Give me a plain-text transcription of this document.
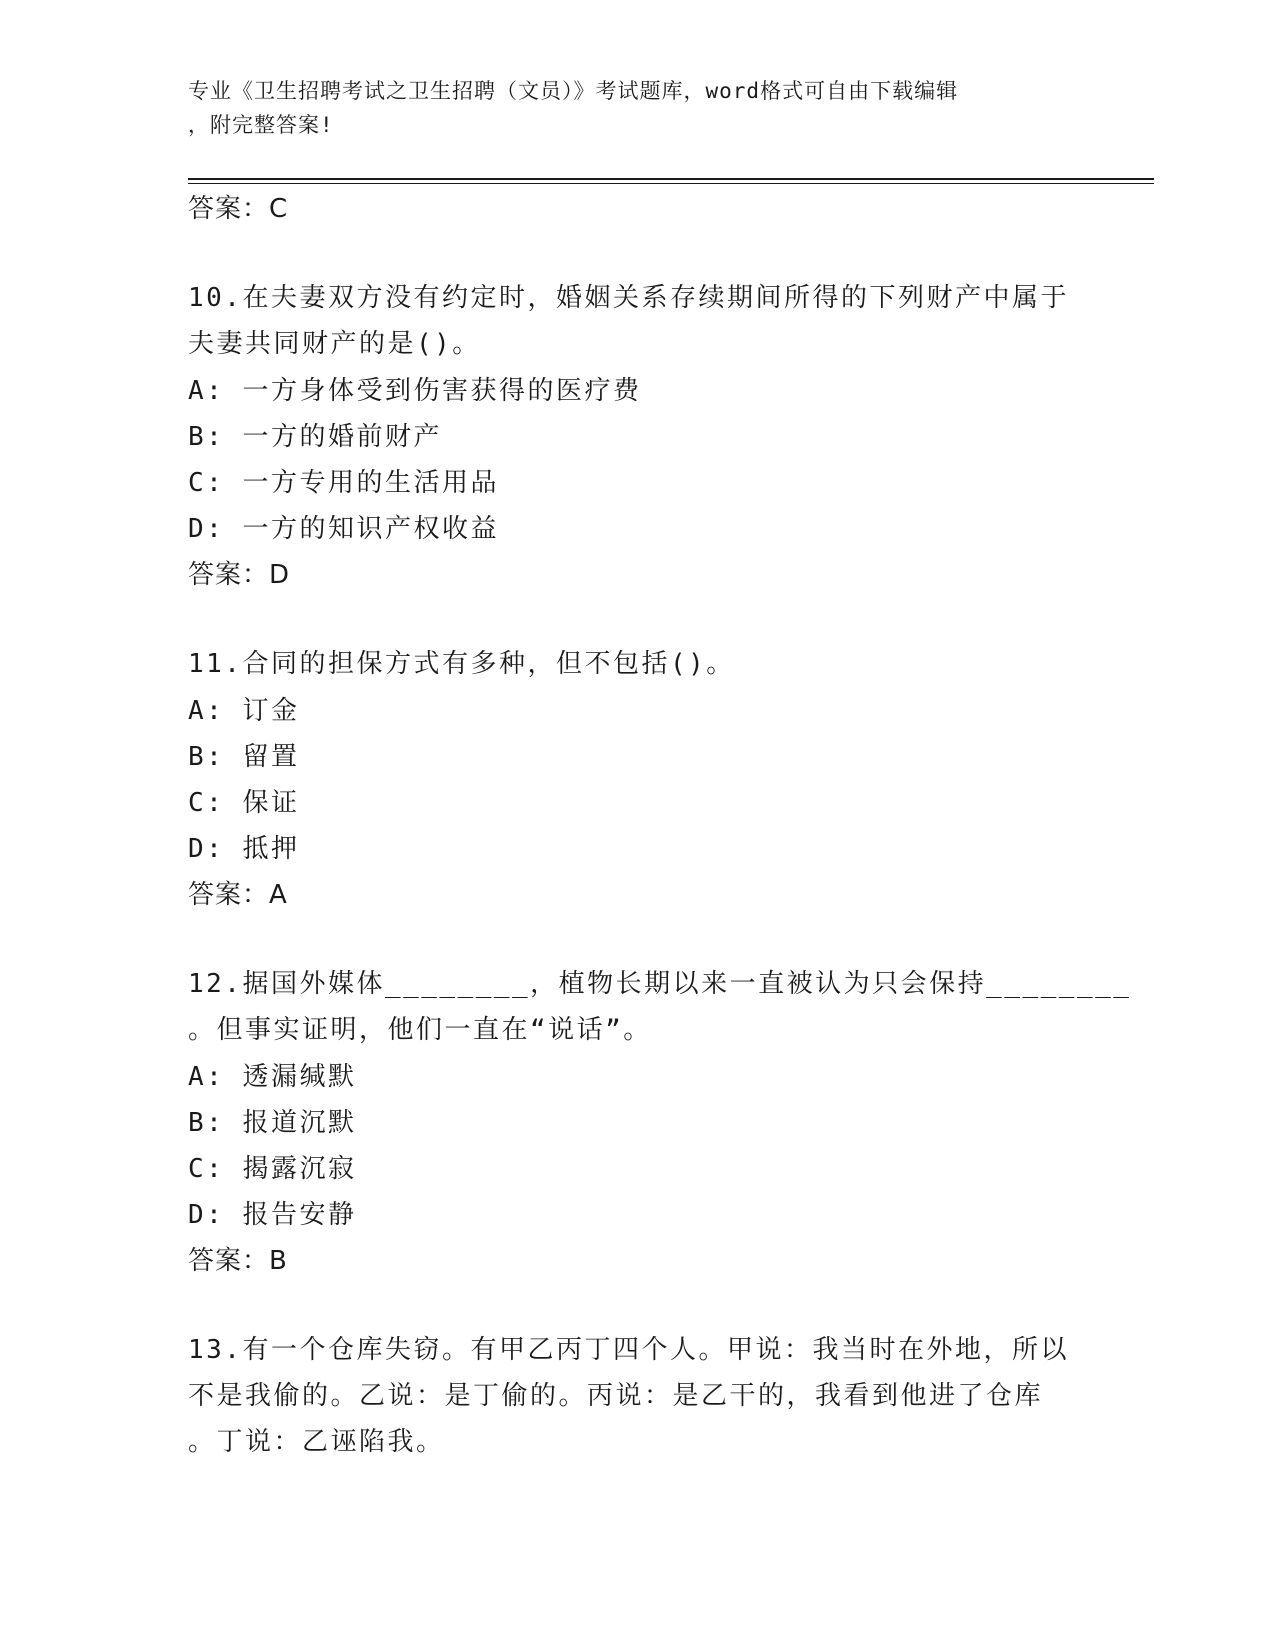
专业《卫生招聘考试之卫生招聘（文员）》考试题库，word格式可自由下载编辑
，附完整答案!
答案：C
10.在夫妻双方没有约定时，婚姻关系存续期间所得的下列财产中属于
夫妻共同财产的是()。
A: 一方身体受到伤害获得的医疗费
B: 一方的婚前财产
C: 一方专用的生活用品
D: 一方的知识产权收益
答案：D
11.合同的担保方式有多种，但不包括()。
A: 订金
B: 留置
C: 保证
D: 抵押
答案：A
12.据国外媒体________，植物长期以来一直被认为只会保持________
。但事实证明，他们一直在“说话”。
A: 透漏缄默
B: 报道沉默
C: 揭露沉寂
D: 报告安静
答案：B
13.有一个仓库失窃。有甲乙丙丁四个人。甲说：我当时在外地，所以
不是我偷的。乙说：是丁偷的。丙说：是乙干的，我看到他进了仓库
。丁说：乙诬陷我。
